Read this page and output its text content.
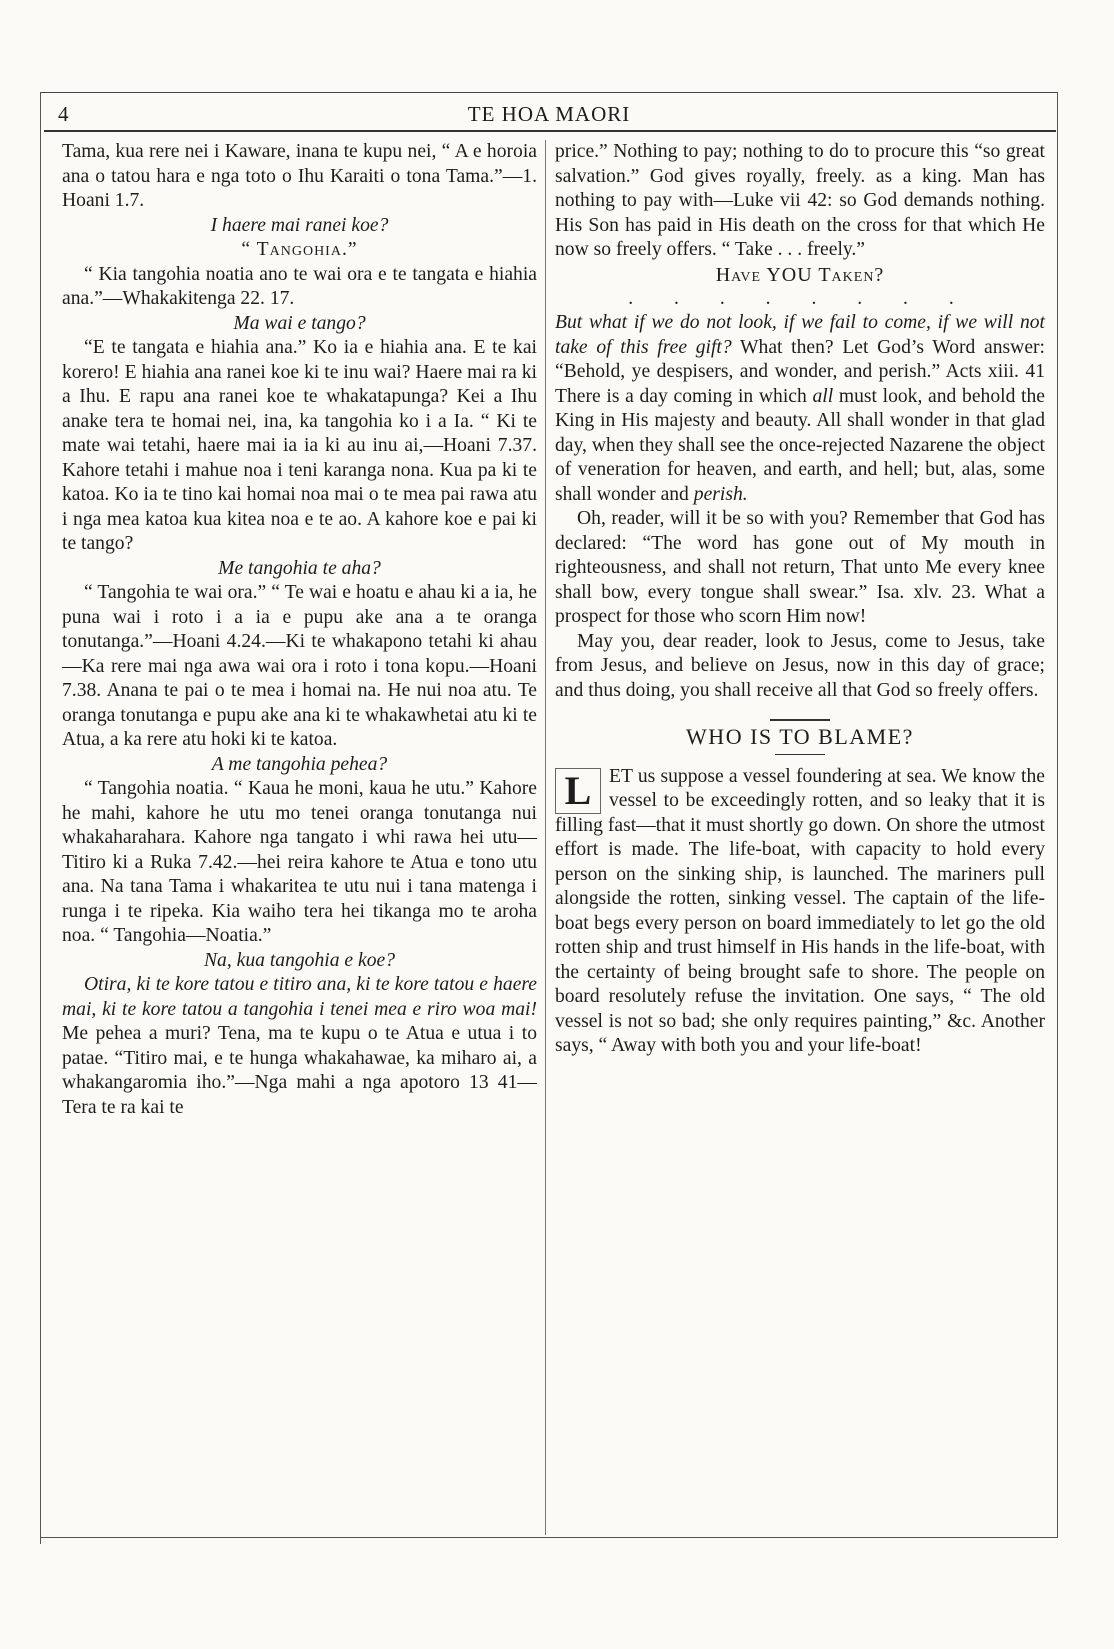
4	TE HOA MAORI

Tama, kua rere nei i Kaware, inana te kupu nei, “ A e horoia ana o tatou hara e nga toto o Ihu Karaiti o tona Tama.”—1. Hoani 1.7.

I haere mai ranei koe?
“ Tangohia.”

“ Kia tangohia noatia ano te wai ora e te tangata e hiahia ana.”—Whakakitenga 22. 17.

Ma wai e tango?

“E te tangata e hiahia ana.” Ko ia e hiahia ana. E te kai korero! E hiahia ana ranei koe ki te inu wai? Haere mai ra ki a Ihu. E rapu ana ranei koe te whakatapunga? Kei a Ihu anake tera te homai nei, ina, ka tangohia ko i a Ia. “ Ki te mate wai tetahi, haere mai ia ia ki au inu ai,—Hoani 7.37. Kahore tetahi i mahue noa i teni karanga nona. Kua pa ki te katoa. Ko ia te tino kai homai noa mai o te mea pai rawa atu i nga mea katoa kua kitea noa e te ao. A kahore koe e pai ki te tango?

Me tangohia te aha?

“ Tangohia te wai ora.” “ Te wai e hoatu e ahau ki a ia, he puna wai i roto i a ia e pupu ake ana a te oranga tonutanga.”—Hoani 4.24.—Ki te whakapono tetahi ki ahau—Ka rere mai nga awa wai ora i roto i tona kopu.—Hoani 7.38. Anana te pai o te mea i homai na. He nui noa atu. Te oranga tonutanga e pupu ake ana ki te whakawhetai atu ki te Atua, a ka rere atu hoki ki te katoa.

A me tangohia pehea?

“ Tangohia noatia. “ Kaua he moni, kaua he utu.” Kahore he mahi, kahore he utu mo tenei oranga tonutanga nui whakaharahara. Kahore nga tangato i whi rawa hei utu—Titiro ki a Ruka 7.42.—hei reira kahore te Atua e tono utu ana. Na tana Tama i whakaritea te utu nui i tana matenga i runga i te ripeka. Kia waiho tera hei tikanga mo te aroha noa. “ Tangohia—Noatia.”

Na, kua tangohia e koe?

Otira, ki te kore tatou e titiro ana, ki te kore tatou e haere mai, ki te kore tatou a tangohia i tenei mea e riro woa mai! Me pehea a muri? Tena, ma te kupu o te Atua e utua i to patae. “Titiro mai, e te hunga whakahawae, ka miharo ai, a whakangaromia iho.”—Nga mahi a nga apotoro 13 41—Tera te ra kai te

price.” Nothing to pay; nothing to do to procure this “so great salvation.” God gives royally, freely. as a king. Man has nothing to pay with—Luke vii 42: so God demands nothing. His Son has paid in His death on the cross for that which He now so freely offers. “ Take . . . freely.”

Have YOU Taken?
. . . . . . . .

But what if we do not look, if we fail to come, if we will not take of this free gift? What then? Let God’s Word answer: “Behold, ye despisers, and wonder, and perish.” Acts xiii. 41 There is a day coming in which all must look, and behold the King in His majesty and beauty. All shall wonder in that glad day, when they shall see the once-rejected Nazarene the object of veneration for heaven, and earth, and hell; but, alas, some shall wonder and perish.

Oh, reader, will it be so with you? Remember that God has declared: “The word has gone out of My mouth in righteousness, and shall not return, That unto Me every knee shall bow, every tongue shall swear.” Isa. xlv. 23. What a prospect for those who scorn Him now!

May you, dear reader, look to Jesus, come to Jesus, take from Jesus, and believe on Jesus, now in this day of grace; and thus doing, you shall receive all that God so freely offers.

WHO IS TO BLAME?

L ET us suppose a vessel foundering at sea. We know the vessel to be exceedingly rotten, and so leaky that it is filling fast—that it must shortly go down. On shore the utmost effort is made. The life-boat, with capacity to hold every person on the sinking ship, is launched. The mariners pull alongside the rotten, sinking vessel. The captain of the life-boat begs every person on board immediately to let go the old rotten ship and trust himself in His hands in the life-boat, with the certainty of being brought safe to shore. The people on board resolutely refuse the invitation. One says, “ The old vessel is not so bad; she only requires painting,” &c. Another says, “ Away with both you and your life-boat!
